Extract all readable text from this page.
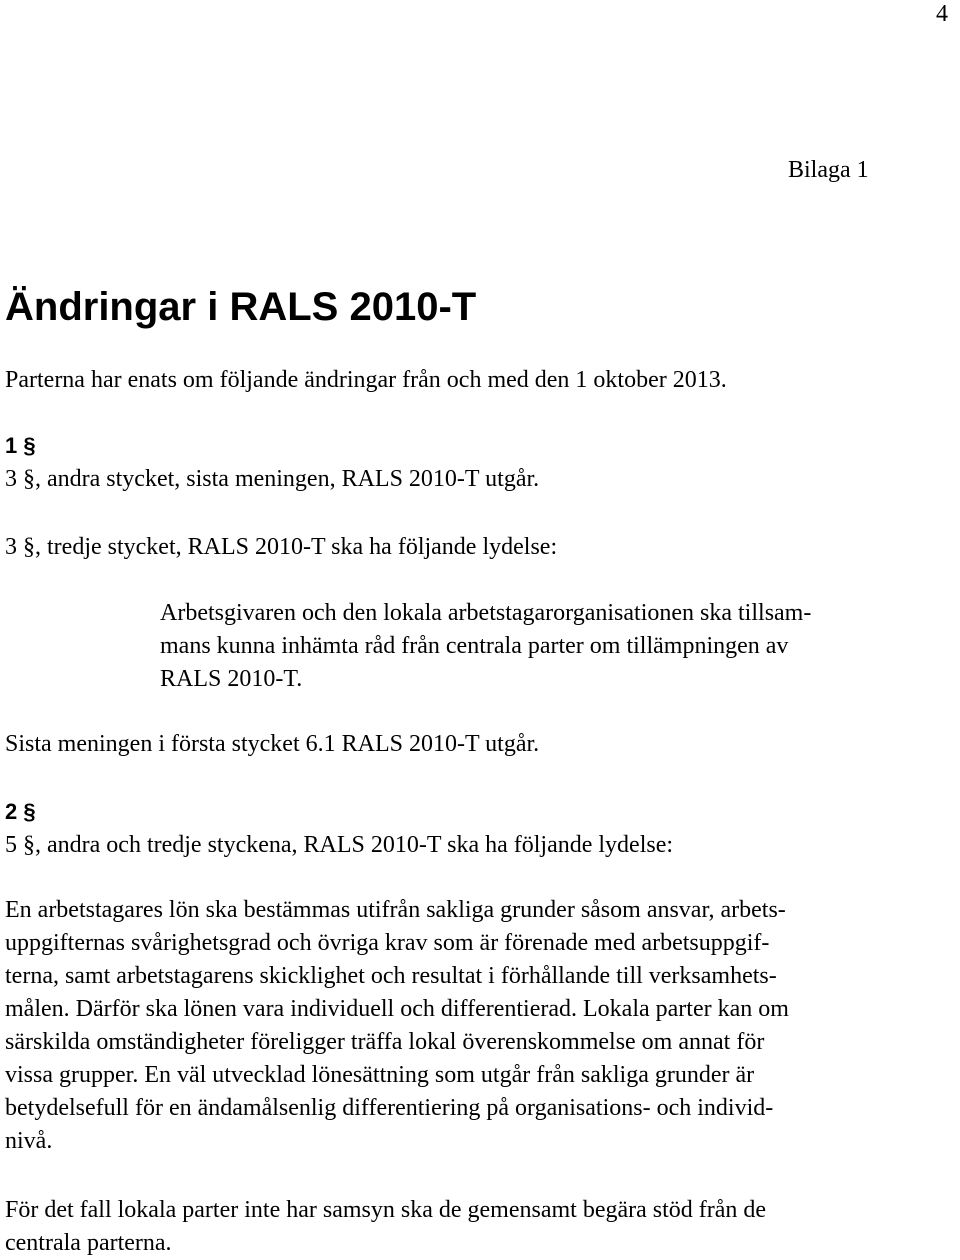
4
Bilaga 1
Ändringar i RALS 2010-T
Parterna har enats om följande ändringar från och med den 1 oktober 2013.
1 §
3 §, andra stycket, sista meningen, RALS 2010-T utgår.
3 §, tredje stycket, RALS 2010-T ska ha följande lydelse:
Arbetsgivaren och den lokala arbetstagarorganisationen ska tillsam-
mans kunna inhämta råd från centrala parter om tillämpningen av
RALS 2010-T.
Sista meningen i första stycket 6.1 RALS 2010-T utgår.
2 §
5 §, andra och tredje styckena, RALS 2010-T ska ha följande lydelse:
En arbetstagares lön ska bestämmas utifrån sakliga grunder såsom ansvar, arbets-
uppgifternas svårighetsgrad och övriga krav som är förenade med arbetsuppgif-
terna, samt arbetstagarens skicklighet och resultat i förhållande till verksamhets-
målen. Därför ska lönen vara individuell och differentierad. Lokala parter kan om
särskilda omständigheter föreligger träffa lokal överenskommelse om annat för
vissa grupper. En väl utvecklad lönesättning som utgår från sakliga grunder är
betydelsefull för en ändamålsenlig differentiering på organisations- och individ-
nivå.
För det fall lokala parter inte har samsyn ska de gemensamt begära stöd från de
centrala parterna.
